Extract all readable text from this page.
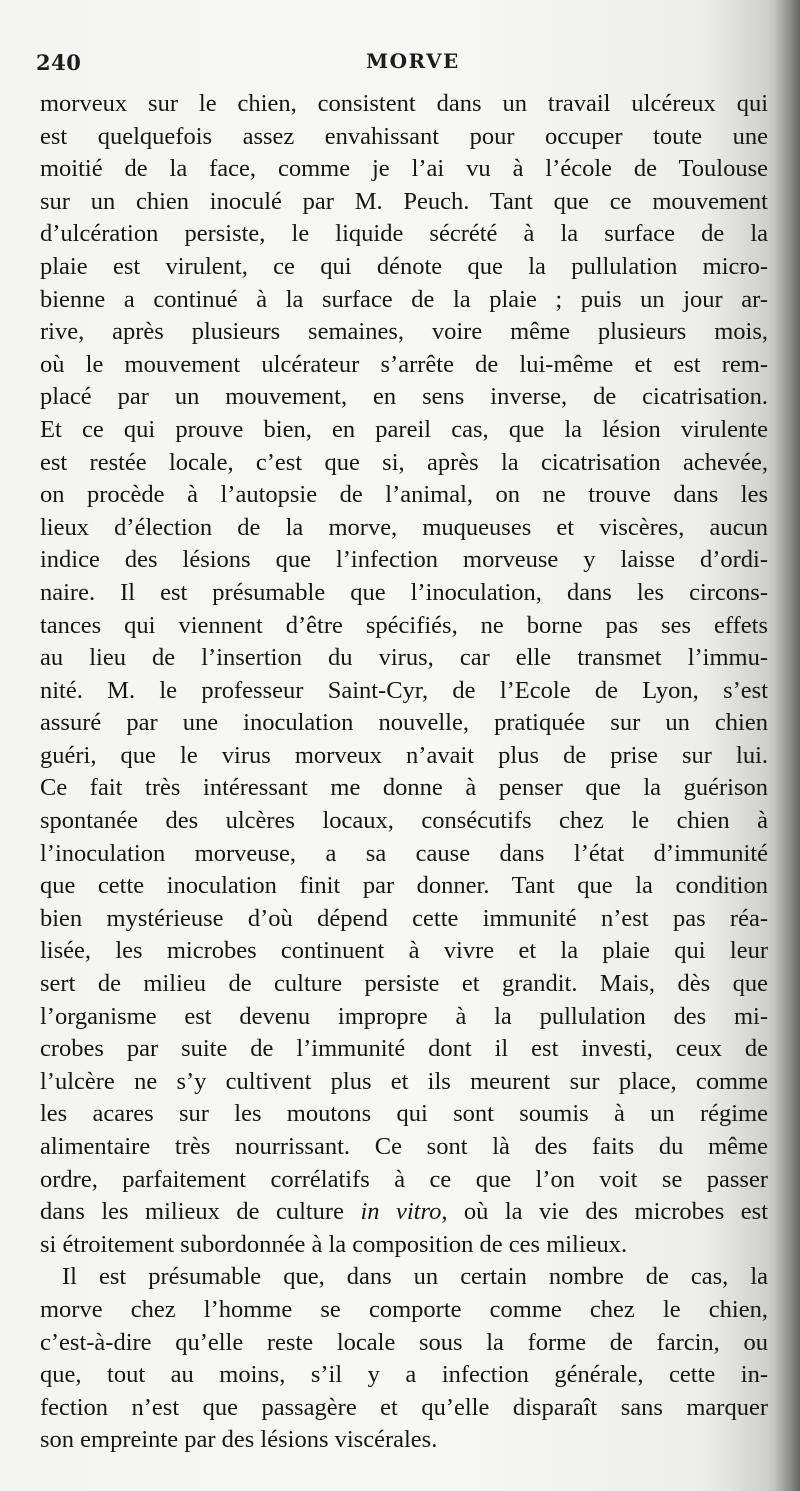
240	MORVE
morveux sur le chien, consistent dans un travail ulcéreux qui
est quelquefois assez envahissant pour occuper toute une
moitié de la face, comme je l’ai vu à l’école de Toulouse
sur un chien inoculé par M. Peuch. Tant que ce mouvement
d’ulcération persiste, le liquide sécrété à la surface de la
plaie est virulent, ce qui dénote que la pullulation micro-
bienne a continué à la surface de la plaie ; puis un jour ar-
rive, après plusieurs semaines, voire même plusieurs mois,
où le mouvement ulcérateur s’arrête de lui-même et est rem-
placé par un mouvement, en sens inverse, de cicatrisation.
Et ce qui prouve bien, en pareil cas, que la lésion virulente
est restée locale, c’est que si, après la cicatrisation achevée,
on procède à l’autopsie de l’animal, on ne trouve dans les
lieux d’élection de la morve, muqueuses et viscères, aucun
indice des lésions que l’infection morveuse y laisse d’ordi-
naire. Il est présumable que l’inoculation, dans les circons-
tances qui viennent d’être spécifiés, ne borne pas ses effets
au lieu de l’insertion du virus, car elle transmet l’immu-
nité. M. le professeur Saint-Cyr, de l’Ecole de Lyon, s’est
assuré par une inoculation nouvelle, pratiquée sur un chien
guéri, que le virus morveux n’avait plus de prise sur lui.
Ce fait très intéressant me donne à penser que la guérison
spontanée des ulcères locaux, consécutifs chez le chien à
l’inoculation morveuse, a sa cause dans l’état d’immunité
que cette inoculation finit par donner. Tant que la condition
bien mystérieuse d’où dépend cette immunité n’est pas réa-
lisée, les microbes continuent à vivre et la plaie qui leur
sert de milieu de culture persiste et grandit. Mais, dès que
l’organisme est devenu impropre à la pullulation des mi-
crobes par suite de l’immunité dont il est investi, ceux de
l’ulcère ne s’y cultivent plus et ils meurent sur place, comme
les acares sur les moutons qui sont soumis à un régime
alimentaire très nourrissant. Ce sont là des faits du même
ordre, parfaitement corrélatifs à ce que l’on voit se passer
dans les milieux de culture in vitro, où la vie des microbes est
si étroitement subordonnée à la composition de ces milieux.
Il est présumable que, dans un certain nombre de cas, la
morve chez l’homme se comporte comme chez le chien,
c’est-à-dire qu’elle reste locale sous la forme de farcin, ou
que, tout au moins, s’il y a infection générale, cette in-
fection n’est que passagère et qu’elle disparaît sans marquer
son empreinte par des lésions viscérales.
